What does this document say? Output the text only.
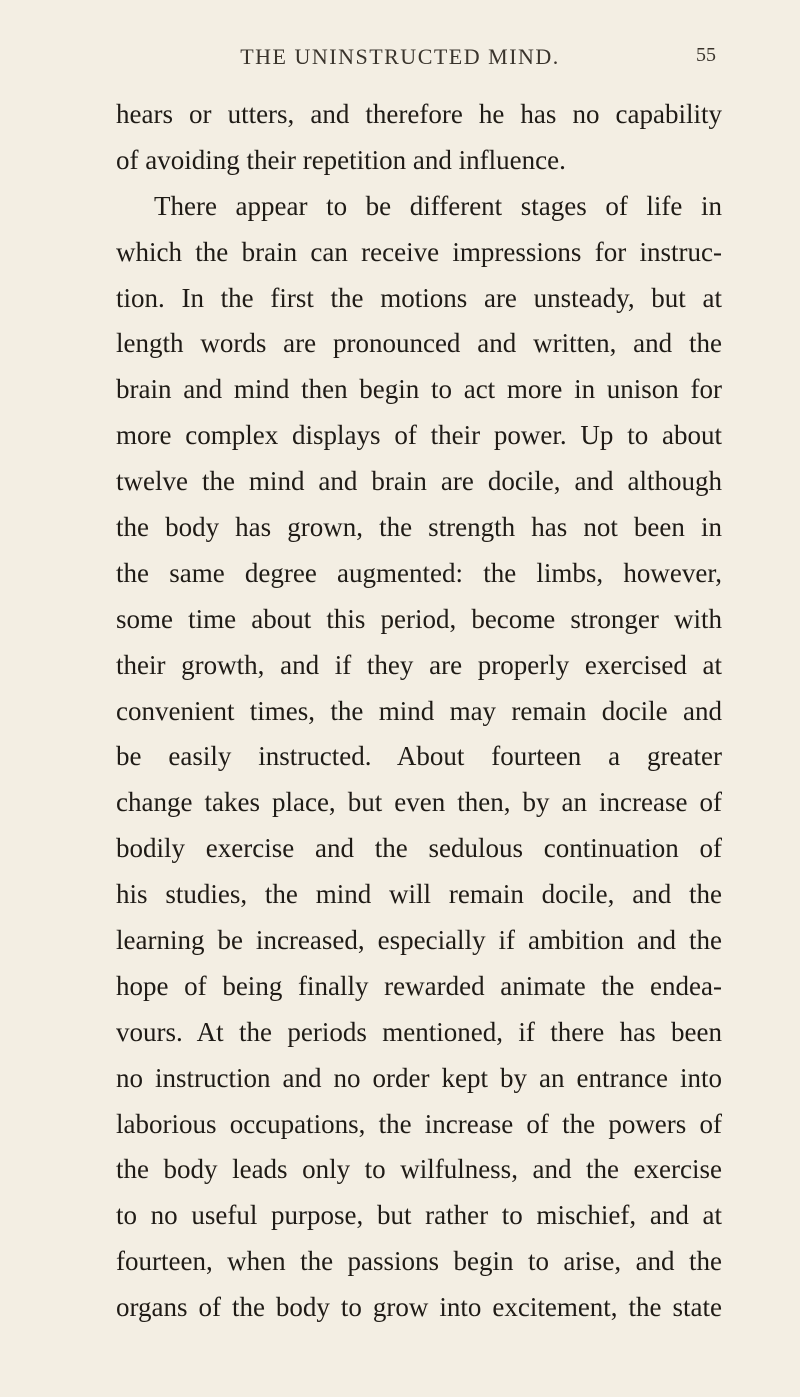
THE UNINSTRUCTED MIND.	55
hears or utters, and therefore he has no capability
of avoiding their repetition and influence.
There appear to be different stages of life in
which the brain can receive impressions for instruc-
tion. In the first the motions are unsteady, but at
length words are pronounced and written, and the
brain and mind then begin to act more in unison for
more complex displays of their power. Up to about
twelve the mind and brain are docile, and although
the body has grown, the strength has not been in
the same degree augmented: the limbs, however,
some time about this period, become stronger with
their growth, and if they are properly exercised at
convenient times, the mind may remain docile and
be easily instructed. About fourteen a greater
change takes place, but even then, by an increase of
bodily exercise and the sedulous continuation of
his studies, the mind will remain docile, and the
learning be increased, especially if ambition and the
hope of being finally rewarded animate the endea-
vours. At the periods mentioned, if there has been
no instruction and no order kept by an entrance into
laborious occupations, the increase of the powers of
the body leads only to wilfulness, and the exercise
to no useful purpose, but rather to mischief, and at
fourteen, when the passions begin to arise, and the
organs of the body to grow into excitement, the state
